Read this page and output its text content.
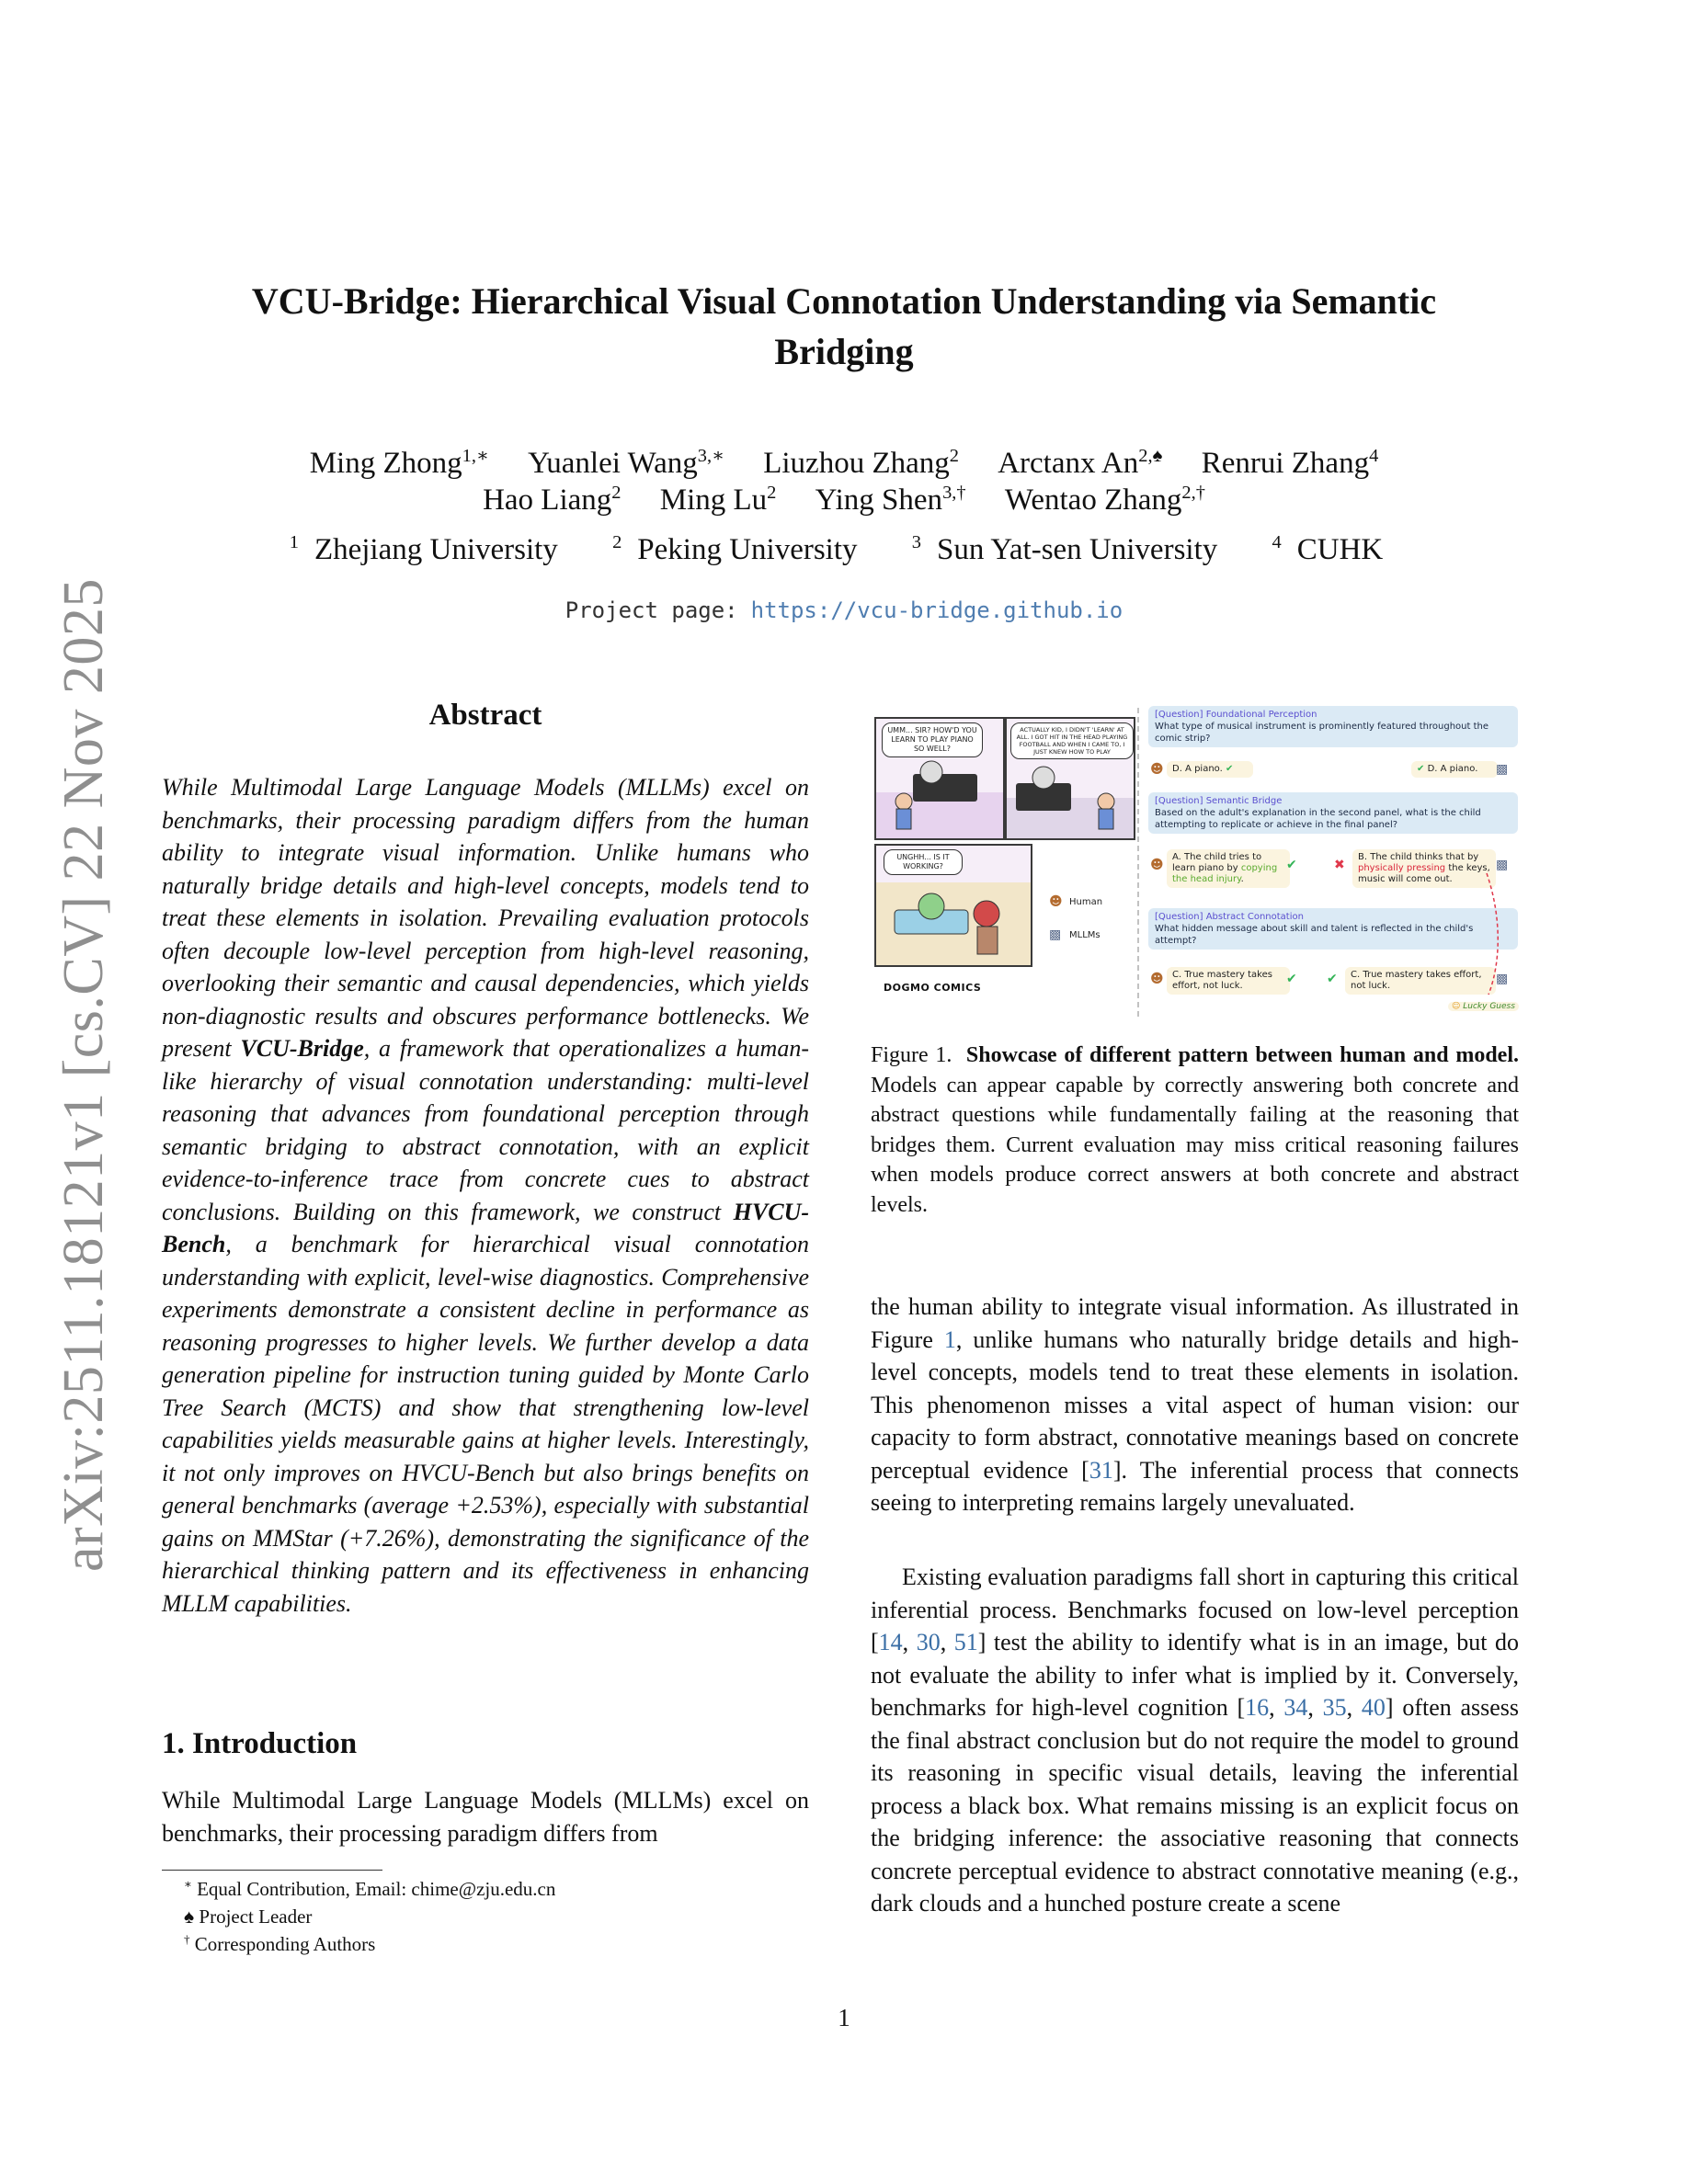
arXiv:2511.18121v1 [cs.CV] 22 Nov 2025
VCU-Bridge: Hierarchical Visual Connotation Understanding via Semantic Bridging
Ming Zhong$^{1,∗}$ Yuanlei Wang$^{3,∗}$ Liuzhou Zhang$^2$ Arctanx $An^{2,♠}$ Renrui Zhang$^4$
Hao Liang$^2$ Ming Lu$^2$ Ying Shen$^{3,\dagger}$ Wentao Zhang$^{2,\dagger}$
$^1$ Zhejiang University	$^2$ Peking University	$^3$ Sun Yat-sen University	$^4$ CUHK
Project page: https://vcu-bridge.github.io
Abstract
While Multimodal Large Language Models (MLLMs) excel on benchmarks, their processing paradigm differs from the human ability to integrate visual information. Unlike humans who naturally bridge details and high-level concepts, models tend to treat these elements in isolation. Prevailing evaluation protocols often decouple low-level perception from high-level reasoning, overlooking their semantic and causal dependencies, which yields non-diagnostic results and obscures performance bottlenecks. We present VCU-Bridge, a framework that operationalizes a human-like hierarchy of visual connotation understanding: multi-level reasoning that advances from foundational perception through semantic bridging to abstract connotation, with an explicit evidence-to-inference trace from concrete cues to abstract conclusions. Building on this framework, we construct HVCU-Bench, a benchmark for hierarchical visual connotation understanding with explicit, level-wise diagnostics. Comprehensive experiments demonstrate a consistent decline in performance as reasoning progresses to higher levels. We further develop a data generation pipeline for instruction tuning guided by Monte Carlo Tree Search (MCTS) and show that strengthening low-level capabilities yields measurable gains at higher levels. Interestingly, it not only improves on HVCU-Bench but also brings benefits on general benchmarks (average +2.53%), especially with substantial gains on MMStar (+7.26%), demonstrating the significance of the hierarchical thinking pattern and its effectiveness in enhancing MLLM capabilities.
1. Introduction
While Multimodal Large Language Models (MLLMs) excel on benchmarks, their processing paradigm differs from
∗ Equal Contribution, Email: chime@zju.edu.cn
♠ Project Leader
† Corresponding Authors
UMM... SIR? HOW'D YOU LEARN TO PLAY PIANO SO WELL?
ACTUALLY KID, I DIDN'T 'LEARN' AT ALL. I GOT HIT IN THE HEAD PLAYING FOOTBALL AND WHEN I CAME TO, I JUST KNEW HOW TO PLAY
UNGHH... IS IT WORKING?
DOGMO COMICS
☻ Human
▩ MLLMs
[Question] Foundational Perception
What type of musical instrument is prominently featured throughout the comic strip?
☻ D. A piano. ✔	✔ D. A piano.	▩
[Question] Semantic Bridge
Based on the adult's explanation in the second panel, what is the child attempting to replicate or achieve in the final panel?
☻
A. The child tries to learn piano by copying the head injury.
✔	✖
B. The child thinks that by physically pressing the keys, music will come out.
▩
[Question] Abstract Connotation
What hidden message about skill and talent is reflected in the child's attempt?
☻ C. True mastery takes effort, not luck.	✔ ✔	C. True mastery takes effort, not luck.	▩
☺ Lucky Guess
Figure 1. Showcase of different pattern between human and model. Models can appear capable by correctly answering both concrete and abstract questions while fundamentally failing at the reasoning that bridges them. Current evaluation may miss critical reasoning failures when models produce correct answers at both concrete and abstract levels.
the human ability to integrate visual information. As illustrated in Figure 1, unlike humans who naturally bridge details and high-level concepts, models tend to treat these elements in isolation. This phenomenon misses a vital aspect of human vision: our capacity to form abstract, connotative meanings based on concrete perceptual evidence [31]. The inferential process that connects seeing to interpreting remains largely unevaluated.
Existing evaluation paradigms fall short in capturing this critical inferential process. Benchmarks focused on low-level perception [14, 30, 51] test the ability to identify what is in an image, but do not evaluate the ability to infer what is implied by it. Conversely, benchmarks for high-level cognition [16, 34, 35, 40] often assess the final abstract conclusion but do not require the model to ground its reasoning in specific visual details, leaving the inferential process a black box. What remains missing is an explicit focus on the bridging inference: the associative reasoning that connects concrete perceptual evidence to abstract connotative meaning (e.g., dark clouds and a hunched posture create a scene
1
